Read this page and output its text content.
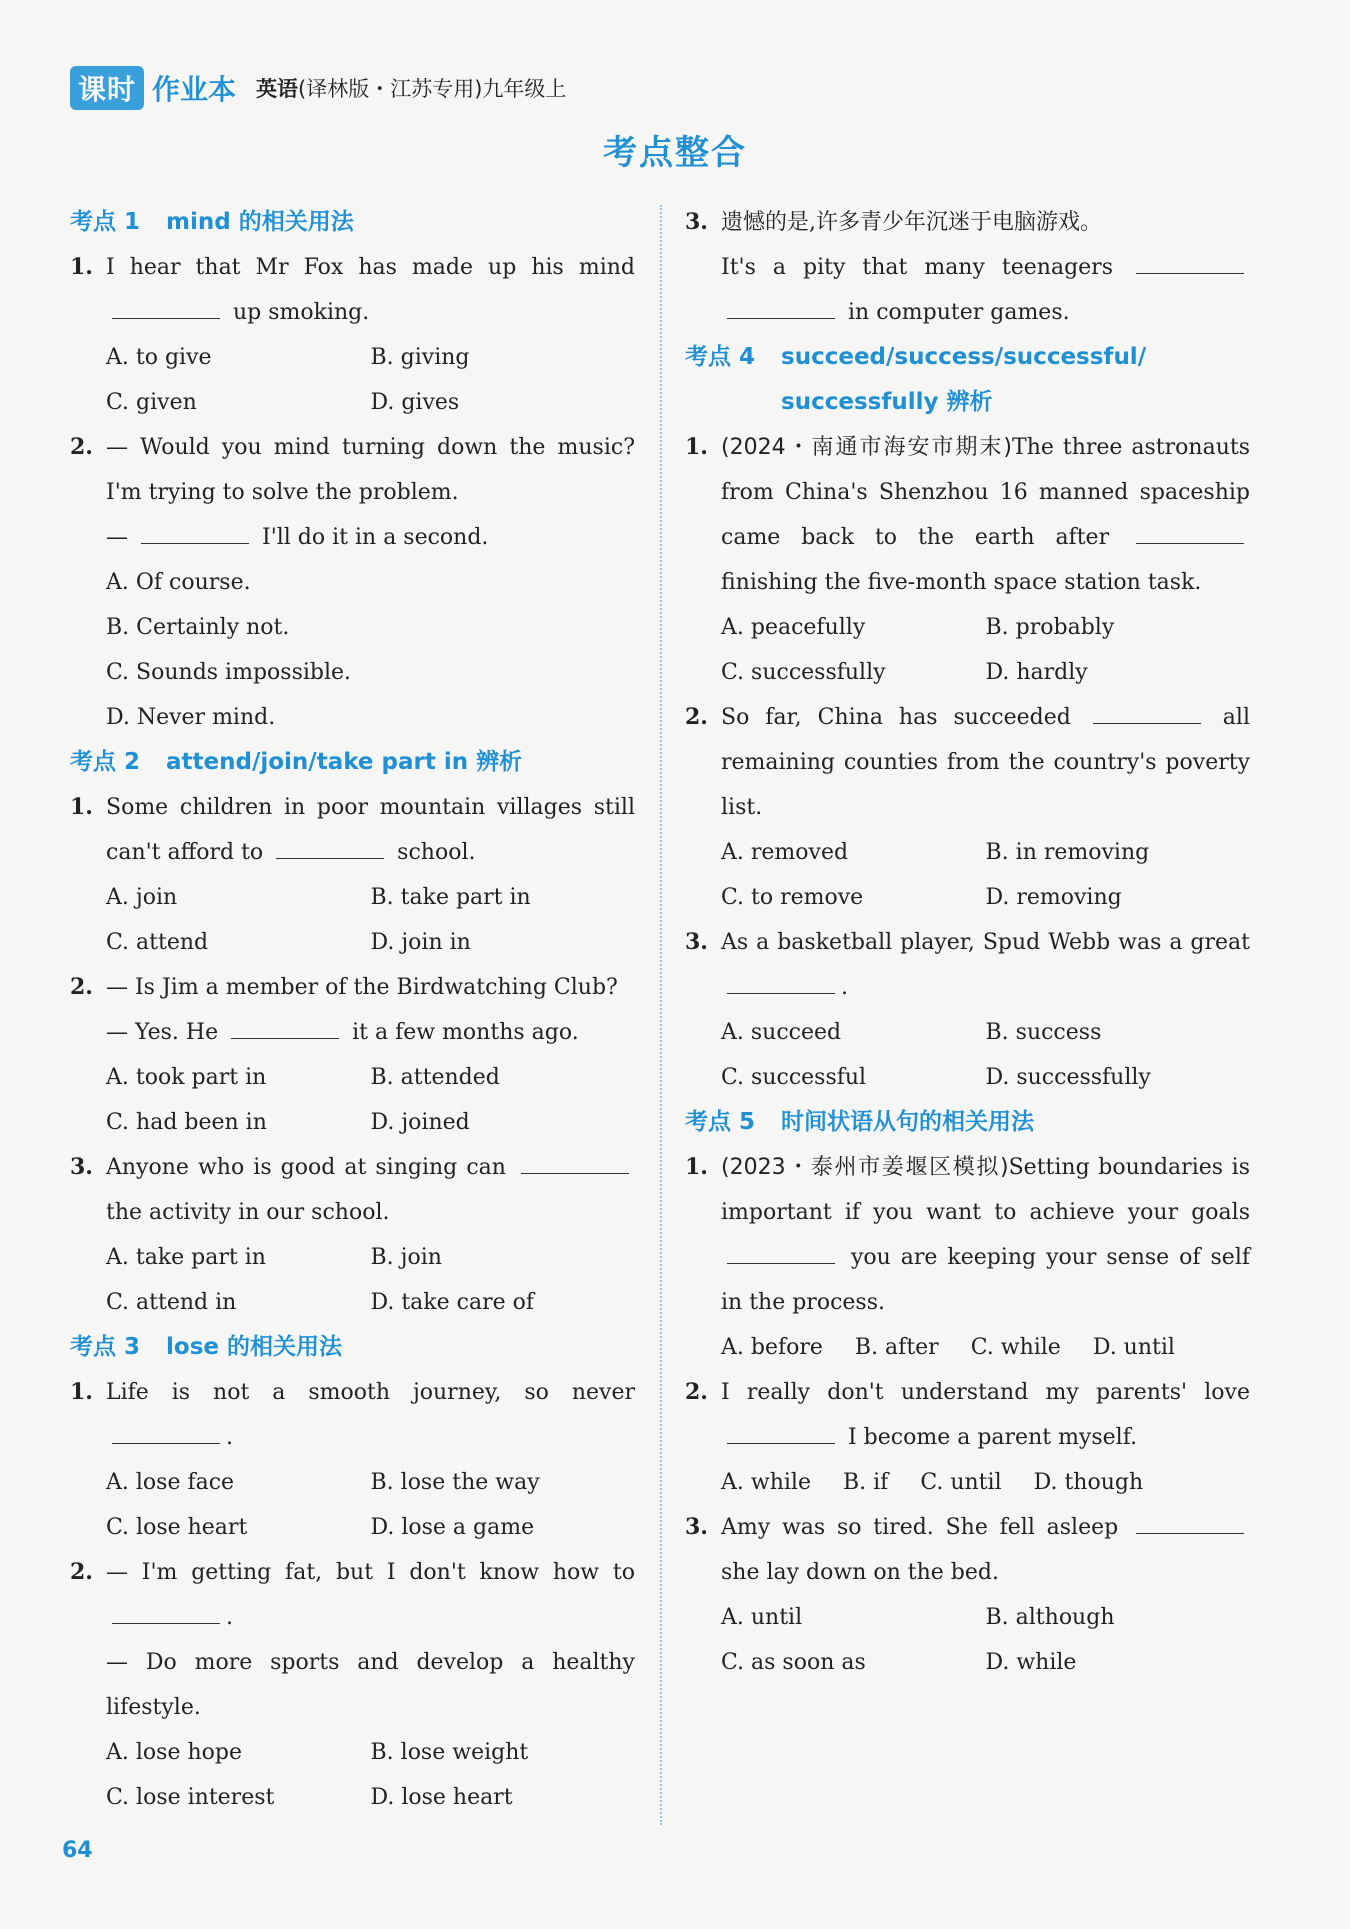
课时 作业本 英语(译林版・江苏专用)九年级上
考点整合
考点 1 mind 的相关用法
1. I hear that Mr Fox has made up his mind  up smoking.
A. to give	B. giving
C. given	D. gives
2. — Would you mind turning down the music? I'm trying to solve the problem.
—	I'll do it in a second.
A. Of course.
B. Certainly not.
C. Sounds impossible.
D. Never mind.
考点 2 attend/join/take part in 辨析
1. Some children in poor mountain villages still can't afford to	school.
A. join	B. take part in
C. attend	D. join in
2. — Is Jim a member of the Birdwatching Club?
— Yes. He	it a few months ago.
A. took part in	B. attended
C. had been in	D. joined
3. Anyone who is good at singing can  the activity in our school.
A. take part in	B. join
C. attend in	D. take care of
考点 3 lose 的相关用法
1. Life is not a smooth journey, so never .
A. lose face	B. lose the way
C. lose heart	D. lose a game
2. — I'm getting fat, but I don't know how to .
— Do more sports and develop a healthy lifestyle.
A. lose hope	B. lose weight
C. lose interest	D. lose heart
3. 遗憾的是,许多青少年沉迷于电脑游戏。
It's a pity that many teenagers   in computer games.
考点 4 succeed/success/successful/ successfully 辨析
1. (2024・南通市海安市期末)The three astronauts from China's Shenzhou 16 manned spaceship came back to the earth after  finishing the five-month space station task.
A. peacefully	B. probably
C. successfully	D. hardly
2. So far, China has succeeded	all remaining counties from the country's poverty list.
A. removed	B. in removing
C. to remove	D. removing
3. As a basketball player, Spud Webb was a great .
A. succeed	B. success
C. successful	D. successfully
考点 5 时间状语从句的相关用法
1. (2023・泰州市姜堰区模拟)Setting boundaries is important if you want to achieve your goals  you are keeping your sense of self in the process.
A. before B. after C. while D. until
2. I really don't understand my parents' love  I become a parent myself.
A. while B. if C. until D. though
3. Amy was so tired. She fell asleep  she lay down on the bed.
A. until	B. although
C. as soon as	D. while
64
